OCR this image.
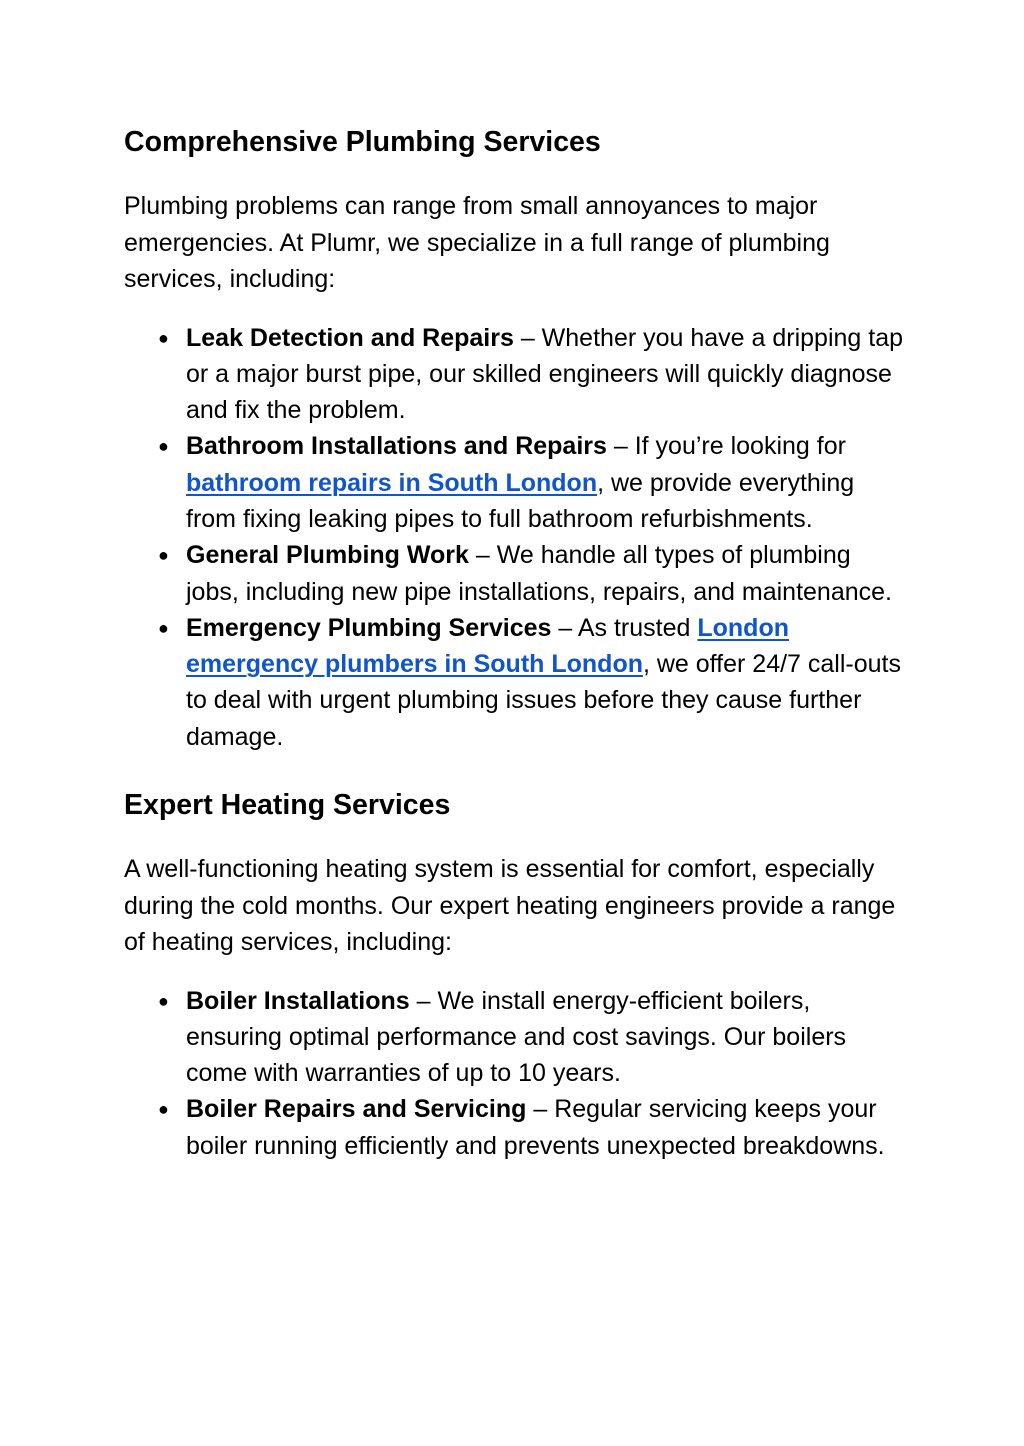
Comprehensive Plumbing Services

Plumbing problems can range from small annoyances to major emergencies. At Plumr, we specialize in a full range of plumbing services, including:

● Leak Detection and Repairs – Whether you have a dripping tap or a major burst pipe, our skilled engineers will quickly diagnose and fix the problem.
● Bathroom Installations and Repairs – If you’re looking for bathroom repairs in South London, we provide everything from fixing leaking pipes to full bathroom refurbishments.
● General Plumbing Work – We handle all types of plumbing jobs, including new pipe installations, repairs, and maintenance.
● Emergency Plumbing Services – As trusted London emergency plumbers in South London, we offer 24/7 call-outs to deal with urgent plumbing issues before they cause further damage.
Expert Heating Services

A well-functioning heating system is essential for comfort, especially during the cold months. Our expert heating engineers provide a range of heating services, including:

● Boiler Installations – We install energy-efficient boilers, ensuring optimal performance and cost savings. Our boilers come with warranties of up to 10 years.
● Boiler Repairs and Servicing – Regular servicing keeps your boiler running efficiently and prevents unexpected breakdowns.
